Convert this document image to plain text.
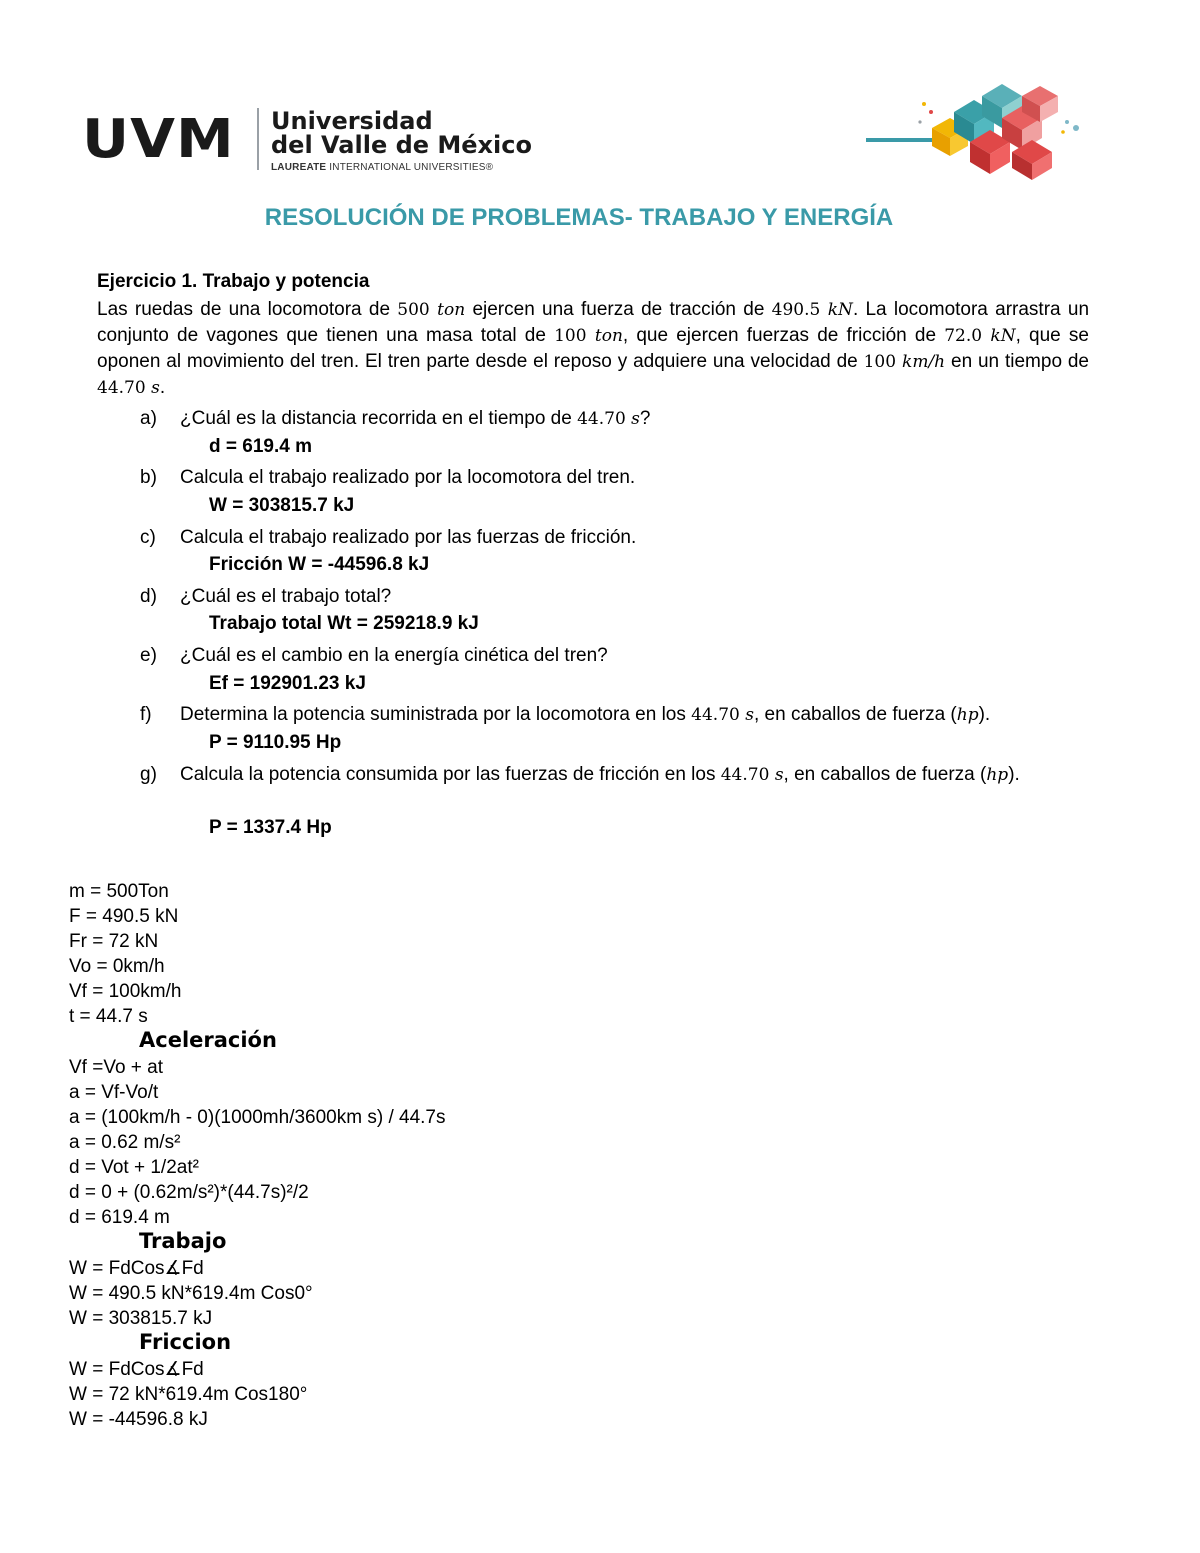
UVM Universidad
del Valle de México
LAUREATE INTERNATIONAL UNIVERSITIES®
RESOLUCIÓN DE PROBLEMAS- TRABAJO Y ENERGÍA
Ejercicio 1. Trabajo y potencia

Las ruedas de una locomotora de 500 ton ejercen una fuerza de tracción de 490.5 kN. La locomotora arrastra un conjunto de vagones que tienen una masa total de 100 ton, que ejercen fuerzas de fricción de 72.0 kN, que se oponen al movimiento del tren. El tren parte desde el reposo y adquiere una velocidad de 100 km/h en un tiempo de 44.70 s.

a) ¿Cuál es la distancia recorrida en el tiempo de 44.70 s?
d = 619.4 m
b) Calcula el trabajo realizado por la locomotora del tren.
W = 303815.7 kJ
c) Calcula el trabajo realizado por las fuerzas de fricción.
Fricción W = -44596.8 kJ
d) ¿Cuál es el trabajo total?
Trabajo total Wt = 259218.9 kJ
e) ¿Cuál es el cambio en la energía cinética del tren?
Ef = 192901.23 kJ
f) Determina la potencia suministrada por la locomotora en los 44.70 s, en caballos de fuerza (hp).
P = 9110.95 Hp
g) Calcula la potencia consumida por las fuerzas de fricción en los 44.70 s, en caballos de fuerza (hp).
P = 1337.4 Hp
m = 500Ton
F = 490.5 kN
Fr = 72 kN
Vo = 0km/h
Vf = 100km/h
t = 44.7 s
Aceleración
Vf =Vo + at
a = Vf-Vo/t
a = (100km/h - 0)(1000mh/3600km s) / 44.7s
a = 0.62 m/s²
d = Vot + 1/2at²
d = 0 + (0.62m/s²)*(44.7s)²/2
d = 619.4 m
Trabajo
W = FdCos∡Fd
W = 490.5 kN*619.4m Cos0°
W = 303815.7 kJ
Friccion
W = FdCos∡Fd
W = 72 kN*619.4m Cos180°
W = -44596.8 kJ
